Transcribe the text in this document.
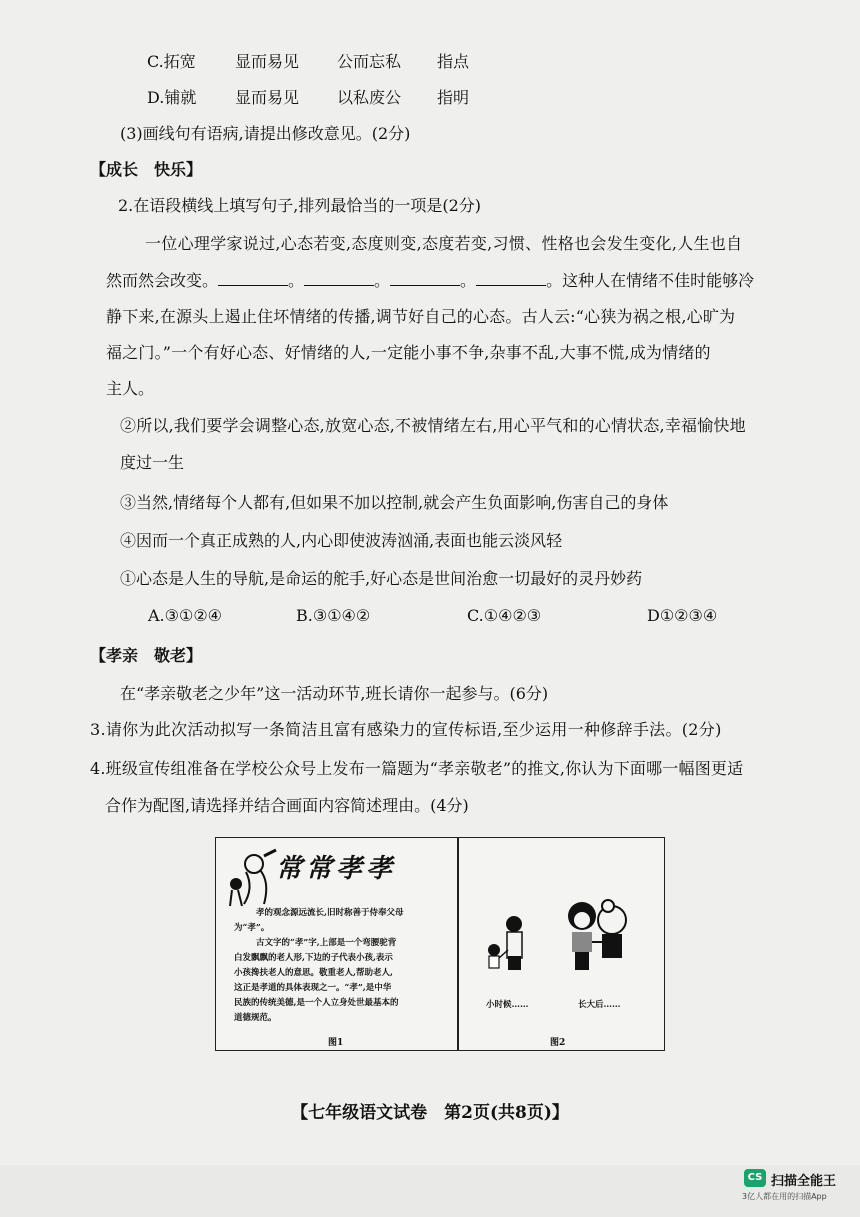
C.拓宽 显而易见 公而忘私 指点
D.铺就 显而易见 以私废公 指明
(3)画线句有语病,请提出修改意见。(2分)
【成长　快乐】
2.在语段横线上填写句子,排列最恰当的一项是(2分)
一位心理学家说过,心态若变,态度则变,态度若变,习惯、性格也会发生变化,人生也自
然而然会改变。	。	。	。	。这种人在情绪不佳时能够冷
静下来,在源头上遏止住坏情绪的传播,调节好自己的心态。古人云:“心狭为祸之根,心旷为
福之门。”一个有好心态、好情绪的人,一定能小事不争,杂事不乱,大事不慌,成为情绪的
主人。
②所以,我们要学会调整心态,放宽心态,不被情绪左右,用心平气和的心情状态,幸福愉快地
度过一生
③当然,情绪每个人都有,但如果不加以控制,就会产生负面影响,伤害自己的身体
④因而一个真正成熟的人,内心即使波涛汹涌,表面也能云淡风轻
①心态是人生的导航,是命运的舵手,好心态是世间治愈一切最好的灵丹妙药
A.③①②④	B.③①④②	C.①④②③	D①②③④
【孝亲　敬老】
在“孝亲敬老之少年”这一活动环节,班长请你一起参与。(6分)
3.请你为此次活动拟写一条简洁且富有感染力的宣传标语,至少运用一种修辞手法。(2分)
4.班级宣传组准备在学校公众号上发布一篇题为“孝亲敬老”的推文,你认为下面哪一幅图更适
合作为配图,请选择并结合画面内容简述理由。(4分)
常常孝孝
孝的观念源远流长,旧时称善于侍奉父母
为“孝”。
古文字的“孝”字,上部是一个弯腰驼背
白发飘飘的老人形,下边的子代表小孩,表示
小孩搀扶老人的意思。敬重老人,帮助老人,
这正是孝道的具体表现之一。“孝”,是中华
民族的传统美德,是一个人立身处世最基本的
道德规范。
图1
小时候……	长大后……
图2
【七年级语文试卷　第2页(共8页)】
CS 扫描全能王
3亿人都在用的扫描App
